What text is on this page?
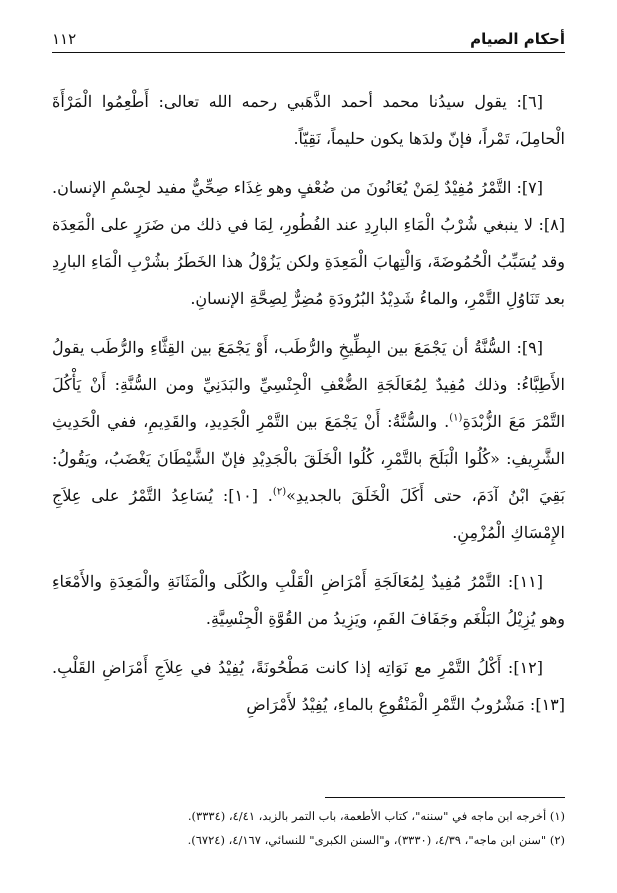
١١٢	أحكام الصيام

[٦]: يقول سيدُنا محمد أحمد الذَّهَبي رحمه الله تعالى: أَطْعِمُوا الْمَرْأَةَ الْحامِلَ، تَمْراً، فإنّ ولدَها يكون حليماً، نَقِيّاً.

[٧]: التَّمْرُ مُفِيْدٌ لِمَنْ يُعَانُونَ من ضُعْفٍ وهو غِذَاء صِحِّيٌّ مفيد لجِسْمِ الإنسان. [٨]: لا ينبغي شُرْبُ الْمَاءِ البارِدِ عند الفُطُورِ، لِمَا في ذلك من ضَرَرٍ على الْمَعِدَة وقد يُسَبِّبُ الْحُمُوضَةَ، وَالْتِهابَ الْمَعِدَةِ ولكن يَزُوْلُ هذا الخَطَرُ بشُرْبِ الْمَاءِ البارِدِ بعد تَنَاوُلِ التَّمْرِ، والماءُ شَدِيْدُ البُرُودَةِ مُضِرٌّ لِصِحَّةِ الإنسانِ.

[٩]: السُّنَّةُ أن يَجْمَعَ بين البِطِّيخِ والرُّطَب، أَوْ يَجْمَعَ بين القِثَّاءِ والرُّطَب يقولُ الأَطِبَّاءُ: وذلك مُفِيدٌ لِمُعَالَجَةِ الضُّعْفِ الْجِنْسِيِّ والبَدَنِيِّ ومن السُّنَّةِ: أَنْ يَأْكُلَ التَّمْرَ مَعَ الزُّبْدَةِ$^{(١)}$. والسُّنَّةُ: أَنْ يَجْمَعَ بين التَّمْرِ الْجَدِيدِ، والقَدِيمِ، ففي الْحَدِيثِ الشَّرِيفِ: «كُلُوا الْبَلَحَ بالتَّمْرِ، كُلُوا الْخَلَقَ بالْجَدِيْدِ فإنّ الشَّيْطَانَ يَغْضَبُ، ويَقُولُ: بَقِيَ ابْنُ آدَمَ، حتى أَكَلَ الْخَلَقَ بالجديدِ»$^{(٢)}$. [١٠]: يُسَاعِدُ التَّمْرُ على عِلاَجِ الإِمْسَاكِ الْمُزْمِنِ.

[١١]: التَّمْرُ مُفِيدٌ لِمُعَالَجَةِ أَمْرَاضِ الْقَلْبِ والكُلَى والْمَثَانَةِ والْمَعِدَةِ والأَمْعَاءِ وهو يُزِيْلُ البَلْغَم وجَفَافَ الفَمِ، ويَزِيدُ من القُوَّةِ الْجِنْسِيَّةِ.

[١٢]: أَكْلُ التَّمْرِ مع نَوَاتِه إذا كانت مَطْحُونَةً، يُفِيْدُ في عِلاَجِ أَمْرَاضِ القَلْبِ. [١٣]: مَشْرُوبُ التَّمْرِ الْمَنْقُوعِ بالماءِ، يُفِيْدُ لأَمْرَاضِ

(١) أخرجه ابن ماجه في "سننه"، كتاب الأطعمة، باب التمر بالزبد، ٤/٤١، (٣٣٣٤).

(٢) "سنن ابن ماجه"، ٤/٣٩، (٣٣٣٠)، و"السنن الكبرى" للنسائي، ٤/١٦٧، (٦٧٢٤).
